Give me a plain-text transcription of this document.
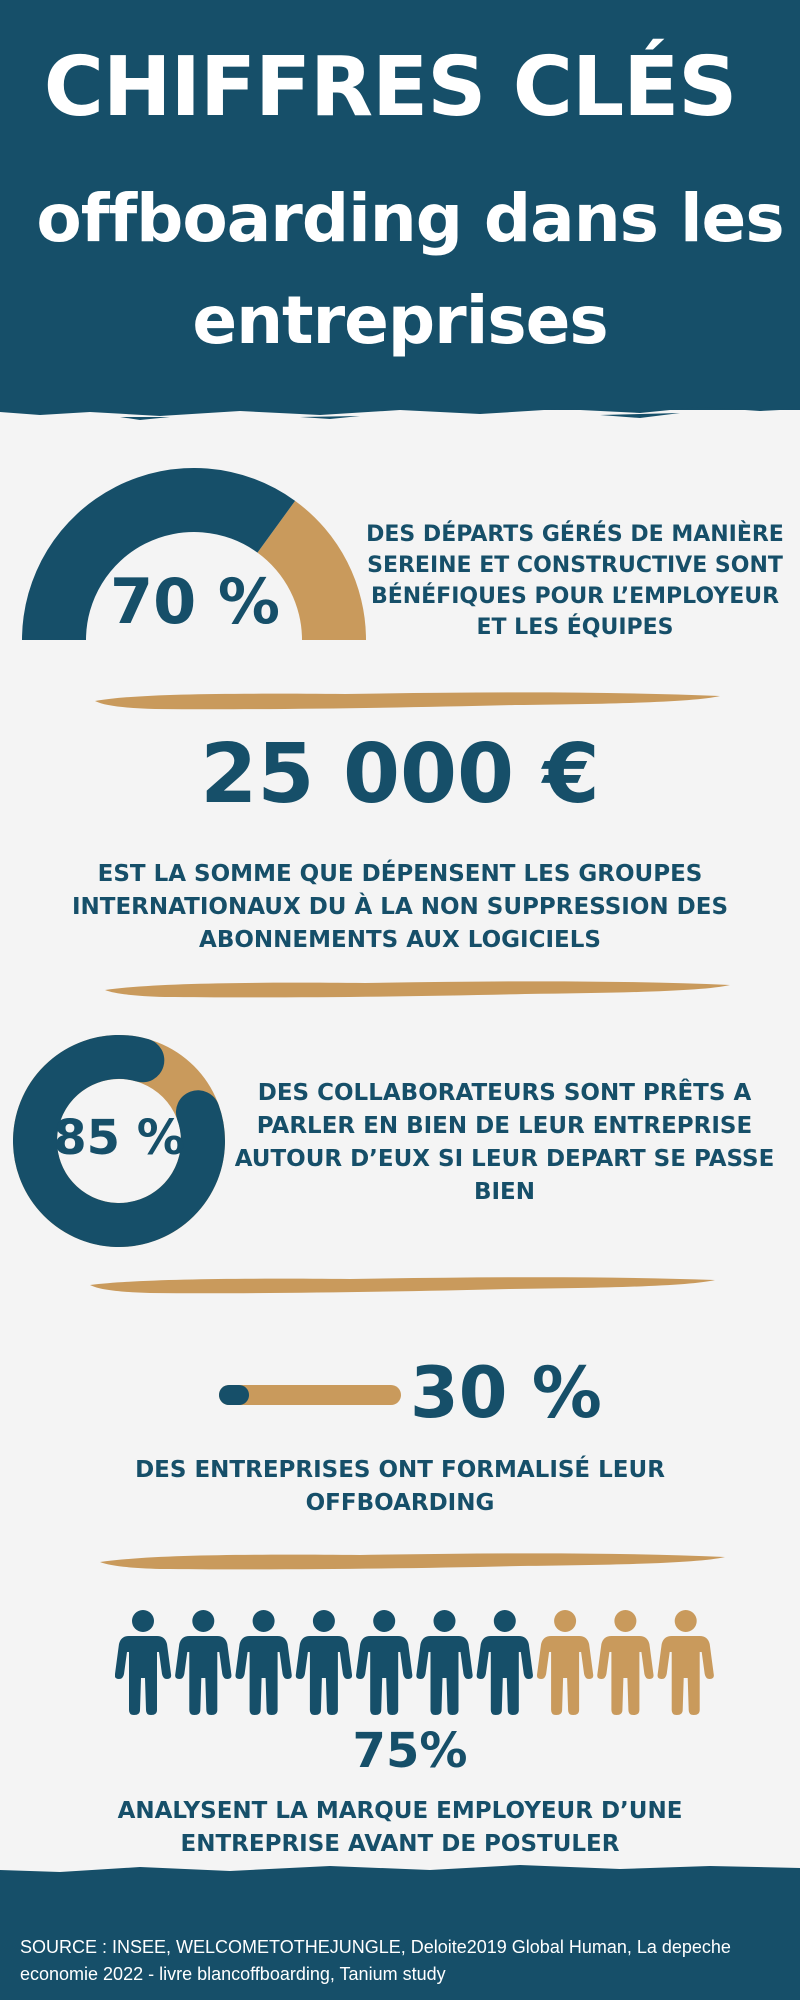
CHIFFRES CLÉS
offboarding dans les
entreprises
70 %
DES DÉPARTS GÉRÉS DE MANIÈRE
SEREINE ET CONSTRUCTIVE SONT
BÉNÉFIQUES POUR L’EMPLOYEUR
ET LES ÉQUIPES
25 000 €
EST LA SOMME QUE DÉPENSENT LES GROUPES
INTERNATIONAUX DU À LA NON SUPPRESSION DES
ABONNEMENTS AUX LOGICIELS
85 %
DES COLLABORATEURS SONT PRÊTS A
PARLER EN BIEN DE LEUR ENTREPRISE
AUTOUR D’EUX SI LEUR DEPART SE PASSE
BIEN
30 %
DES ENTREPRISES ONT FORMALISÉ LEUR
OFFBOARDING
75%
ANALYSENT LA MARQUE EMPLOYEUR D’UNE
ENTREPRISE AVANT DE POSTULER
SOURCE : INSEE, WELCOMETOTHEJUNGLE, Deloite2019 Global Human, La depeche
economie 2022 - livre blancoffboarding, Tanium study
